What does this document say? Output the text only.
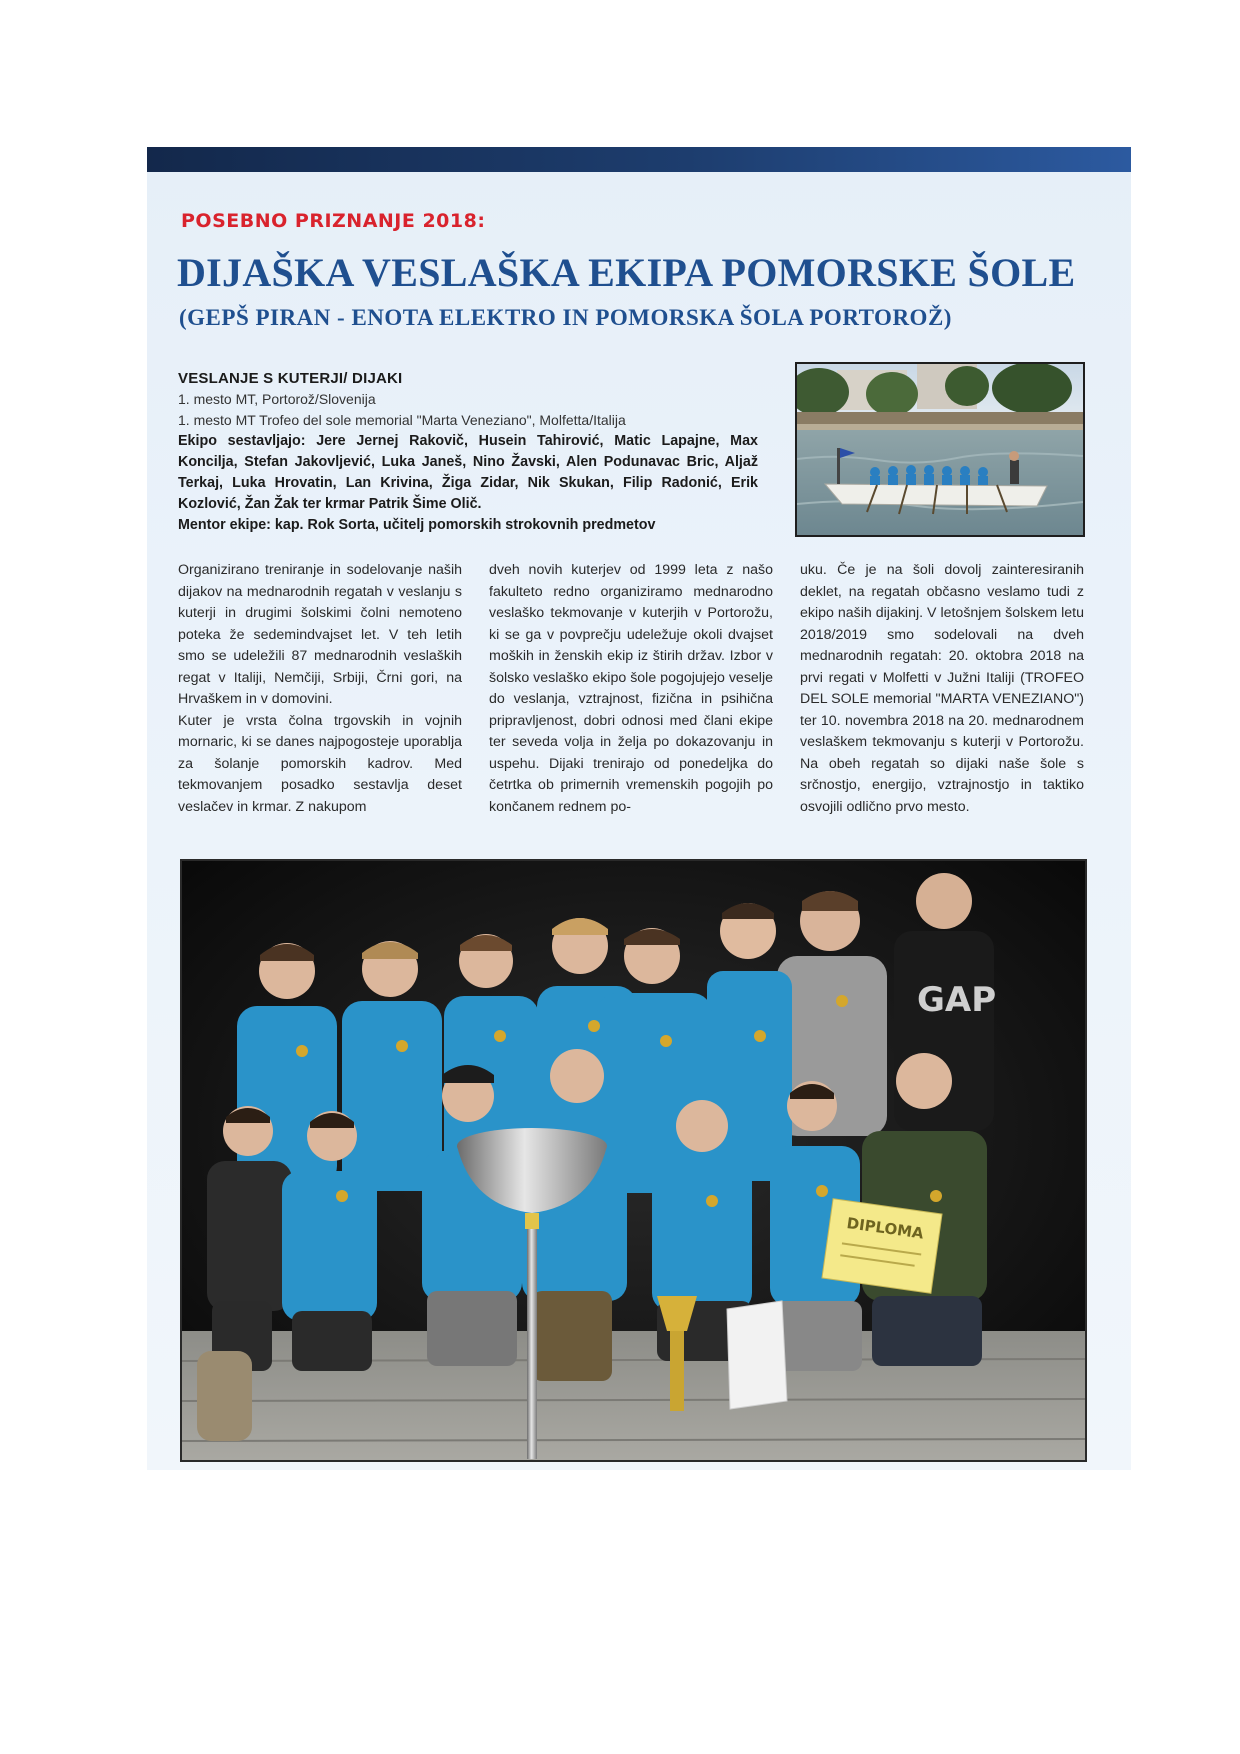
POSEBNO PRIZNANJE 2018:
DIJAŠKA VESLAŠKA EKIPA POMORSKE ŠOLE
(GEPŠ PIRAN - ENOTA ELEKTRO IN POMORSKA ŠOLA PORTOROŽ)

VESLANJE S KUTERJI/ DIJAKI

1. mesto MT, Portorož/Slovenija

1. mesto MT Trofeo del sole memorial "Marta Veneziano", Molfetta/Italija

Ekipo sestavljajo: Jere Jernej Rakovič, Husein Tahirović, Matic Lapajne, Max Koncilja, Stefan Jakovljević, Luka Janeš, Nino Žavski, Alen Podunavac Bric, Aljaž Terkaj, Luka Hrovatin, Lan Krivina, Žiga Zidar, Nik Skukan, Filip Radonić, Erik Kozlović, Žan Žak ter krmar Patrik Šime Olič.

Mentor ekipe: kap. Rok Sorta, učitelj pomorskih strokovnih predmetov

Organizirano treniranje in sodelovanje naših dijakov na mednarodnih regatah v veslanju s kuterji in drugimi šolskimi čolni nemoteno poteka že sedemindvajset let. V teh letih smo se udeležili 87 mednarodnih veslaških regat v Italiji, Nemčiji, Srbiji, Črni gori, na Hrvaškem in v domovini.

Kuter je vrsta čolna trgovskih in vojnih mornaric, ki se danes najpogosteje uporablja za šolanje pomorskih kadrov. Med tekmovanjem posadko sestavlja deset veslačev in krmar. Z nakupom

dveh novih kuterjev od 1999 leta z našo fakulteto redno organiziramo mednarodno veslaško tekmovanje v kuterjih v Portorožu, ki se ga v povprečju udeležuje okoli dvajset moških in ženskih ekip iz štirih držav. Izbor v šolsko veslaško ekipo šole pogojujejo veselje do veslanja, vztrajnost, fizična in psihična pripravljenost, dobri odnosi med člani ekipe ter seveda volja in želja po dokazovanju in uspehu. Dijaki trenirajo od ponedeljka do četrtka ob primernih vremenskih pogojih po končanem rednem po-

uku. Če je na šoli dovolj zainteresiranih deklet, na regatah občasno veslamo tudi z ekipo naših dijakinj. V letošnjem šolskem letu 2018/2019 smo sodelovali na dveh mednarodnih regatah: 20. oktobra 2018 na prvi regati v Molfetti v Južni Italiji (TROFEO DEL SOLE memorial "MARTA VENEZIANO") ter 10. novembra 2018 na 20. mednarodnem veslaškem tekmovanju s kuterji v Portorožu. Na obeh regatah so dijaki naše šole s srčnostjo, energijo, vztrajnostjo in taktiko osvojili odlično prvo mesto.

GAP
DIPLOMA
